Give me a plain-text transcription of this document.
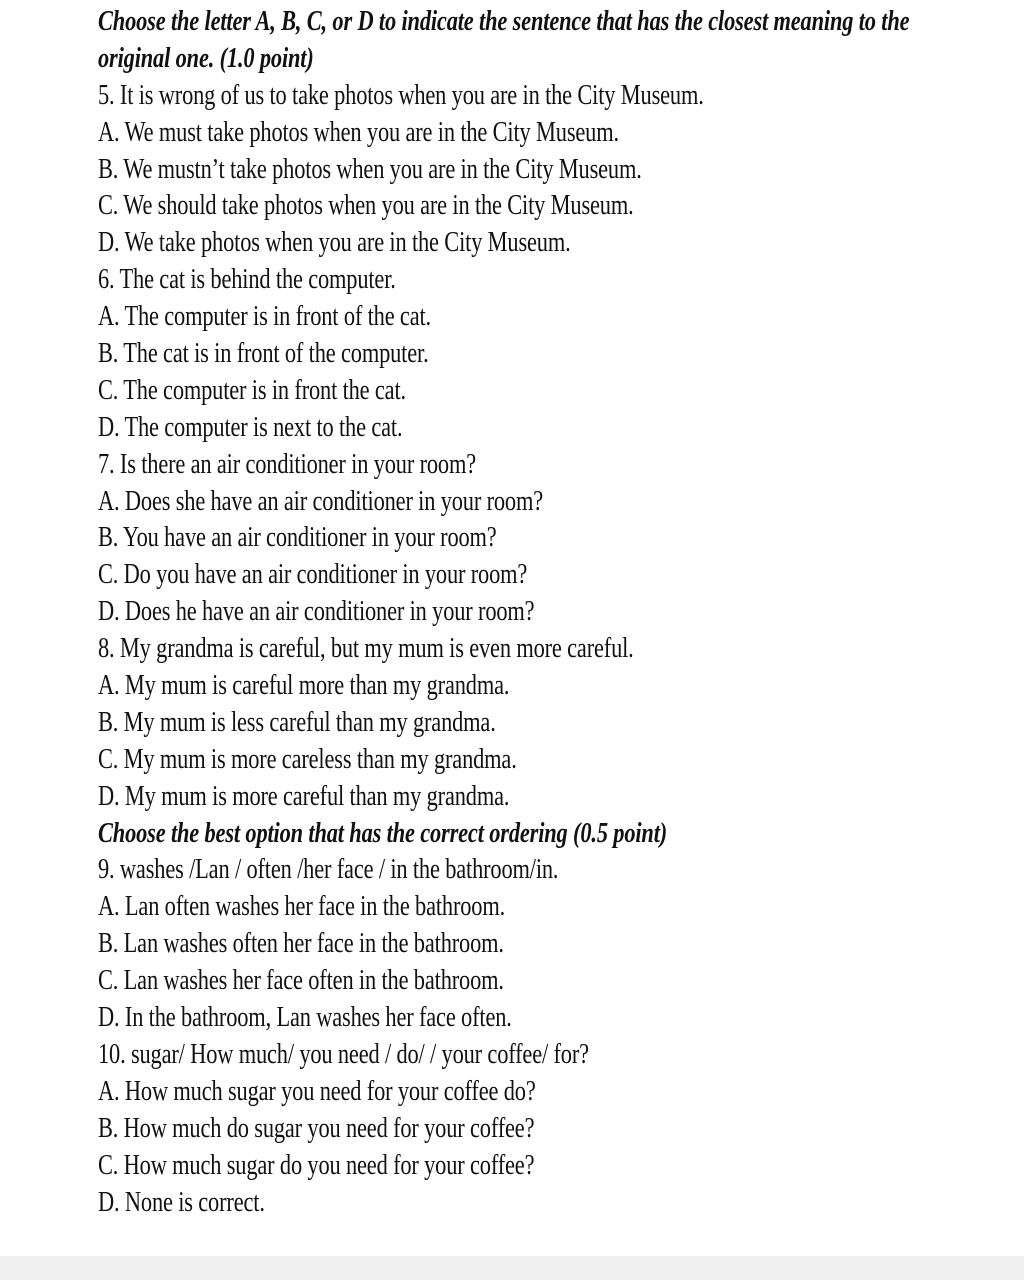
Choose the letter A, B, C, or D to indicate the sentence that has the closest meaning to the
original one. (1.0 point)
5. It is wrong of us to take photos when you are in the City Museum.
A. We must take photos when you are in the City Museum.
B. We mustn’t take photos when you are in the City Museum.
C. We should take photos when you are in the City Museum.
D. We take photos when you are in the City Museum.
6. The cat is behind the computer.
A. The computer is in front of the cat.
B. The cat is in front of the computer.
C. The computer is in front the cat.
D. The computer is next to the cat.
7. Is there an air conditioner in your room?
A. Does she have an air conditioner in your room?
B. You have an air conditioner in your room?
C. Do you have an air conditioner in your room?
D. Does he have an air conditioner in your room?
8. My grandma is careful, but my mum is even more careful.
A. My mum is careful more than my grandma.
B. My mum is less careful than my grandma.
C. My mum is more careless than my grandma.
D. My mum is more careful than my grandma.
Choose the best option that has the correct ordering (0.5 point)
9. washes /Lan / often /her face / in the bathroom/in.
A. Lan often washes her face in the bathroom.
B. Lan washes often her face in the bathroom.
C. Lan washes her face often in the bathroom.
D. In the bathroom, Lan washes her face often.
10. sugar/ How much/ you need / do/ / your coffee/ for?
A. How much sugar you need for your coffee do?
B. How much do sugar you need for your coffee?
C. How much sugar do you need for your coffee?
D. None is correct.
